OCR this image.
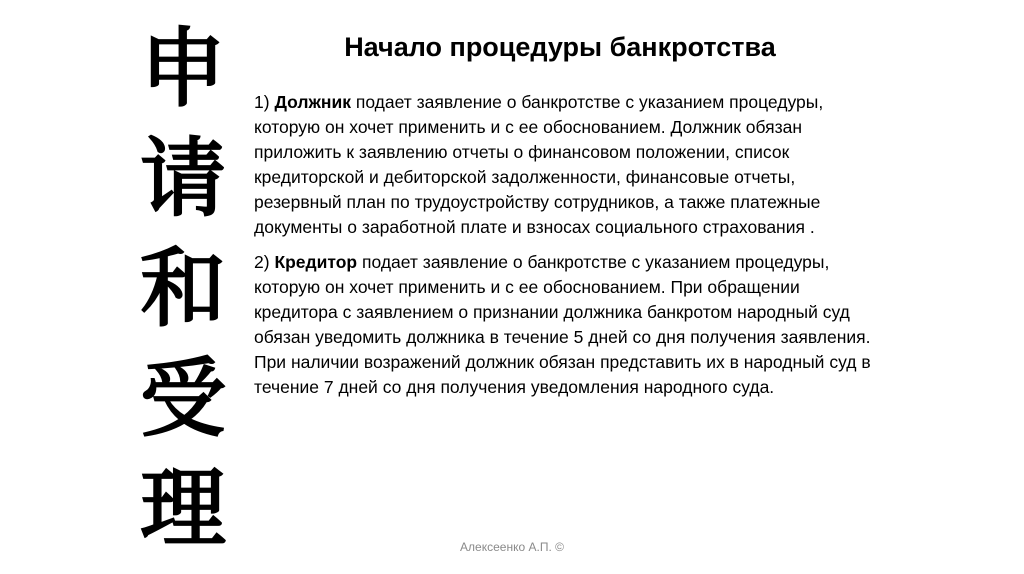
申
请
和
受
理
Начало процедуры банкротства

1) Должник подает заявление о банкротстве с указанием процедуры, которую он хочет применить и с ее обоснованием. Должник обязан приложить к заявлению отчеты о финансовом положении, список кредиторской и дебиторской задолженности, финансовые отчеты, резервный план по трудоустройству сотрудников, а также платежные документы о заработной плате и взносах социального страхования .

2) Кредитор подает заявление о банкротстве с указанием процедуры, которую он хочет применить и с ее обоснованием. При обращении кредитора с заявлением о признании должника банкротом народный суд обязан уведомить должника в течение 5 дней со дня получения заявления. При наличии возражений должник обязан представить их в народный суд в течение 7 дней со дня получения уведомления народного суда.

Алексеенко А.П. ©
